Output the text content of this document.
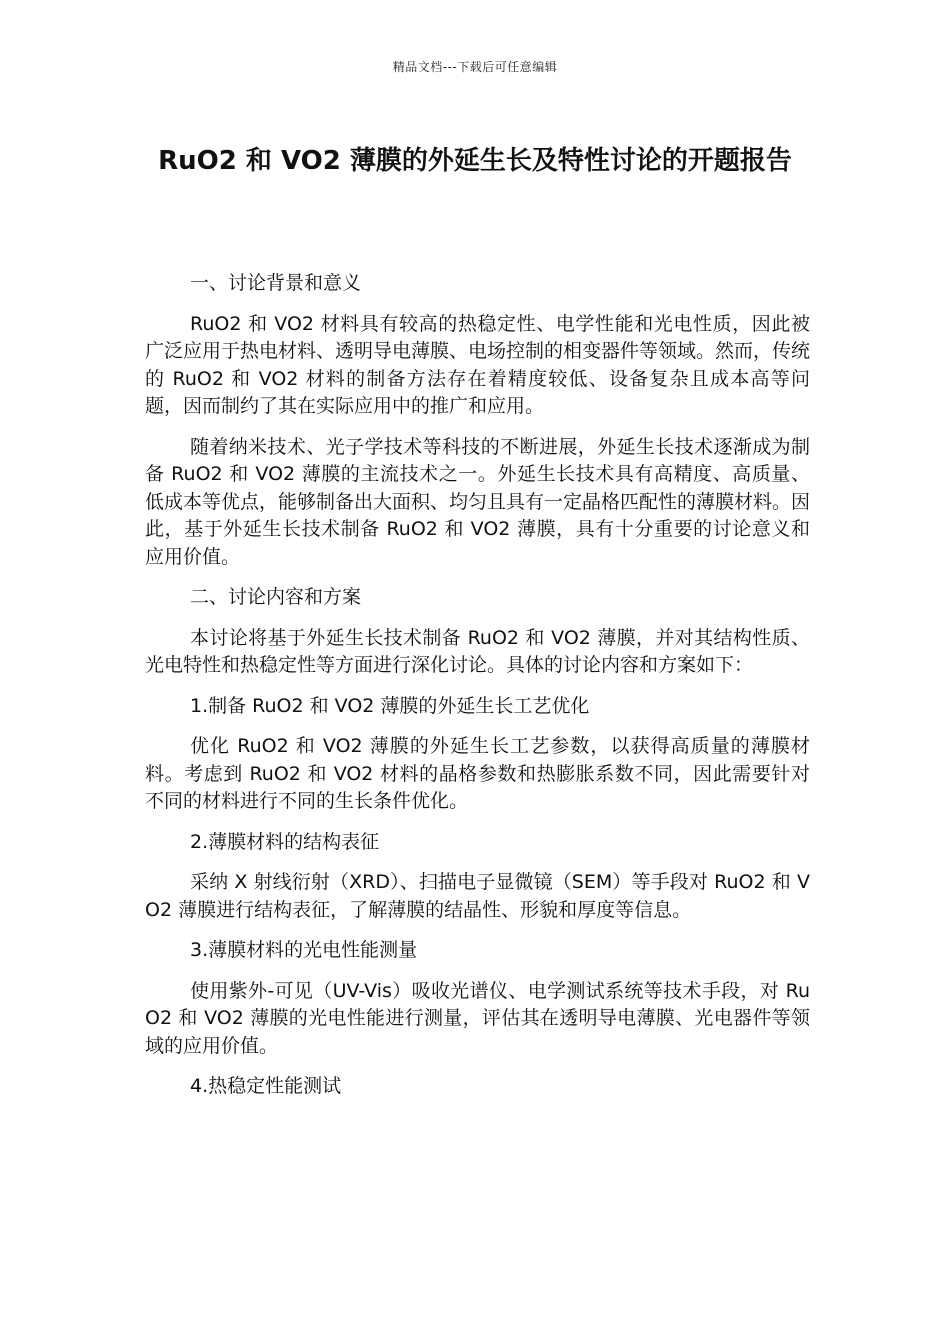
精品文档---下载后可任意编辑
RuO2 和 VO2 薄膜的外延生长及特性讨论的开题报告

一、讨论背景和意义

RuO2 和 VO2 材料具有较高的热稳定性、电学性能和光电性质，因此被广泛应用于热电材料、透明导电薄膜、电场控制的相变器件等领域。然而，传统的 RuO2 和 VO2 材料的制备方法存在着精度较低、设备复杂且成本高等问题，因而制约了其在实际应用中的推广和应用。

随着纳米技术、光子学技术等科技的不断进展，外延生长技术逐渐成为制备 RuO2 和 VO2 薄膜的主流技术之一。外延生长技术具有高精度、高质量、低成本等优点，能够制备出大面积、均匀且具有一定晶格匹配性的薄膜材料。因此，基于外延生长技术制备 RuO2 和 VO2 薄膜，具有十分重要的讨论意义和应用价值。

二、讨论内容和方案

本讨论将基于外延生长技术制备 RuO2 和 VO2 薄膜，并对其结构性质、光电特性和热稳定性等方面进行深化讨论。具体的讨论内容和方案如下：

1.制备 RuO2 和 VO2 薄膜的外延生长工艺优化

优化 RuO2 和 VO2 薄膜的外延生长工艺参数，以获得高质量的薄膜材料。考虑到 RuO2 和 VO2 材料的晶格参数和热膨胀系数不同，因此需要针对不同的材料进行不同的生长条件优化。

2.薄膜材料的结构表征

采纳 X 射线衍射（XRD）、扫描电子显微镜（SEM）等手段对 RuO2 和 VO2 薄膜进行结构表征，了解薄膜的结晶性、形貌和厚度等信息。

3.薄膜材料的光电性能测量

使用紫外-可见（UV-Vis）吸收光谱仪、电学测试系统等技术手段，对 RuO2 和 VO2 薄膜的光电性能进行测量，评估其在透明导电薄膜、光电器件等领域的应用价值。

4.热稳定性能测试
